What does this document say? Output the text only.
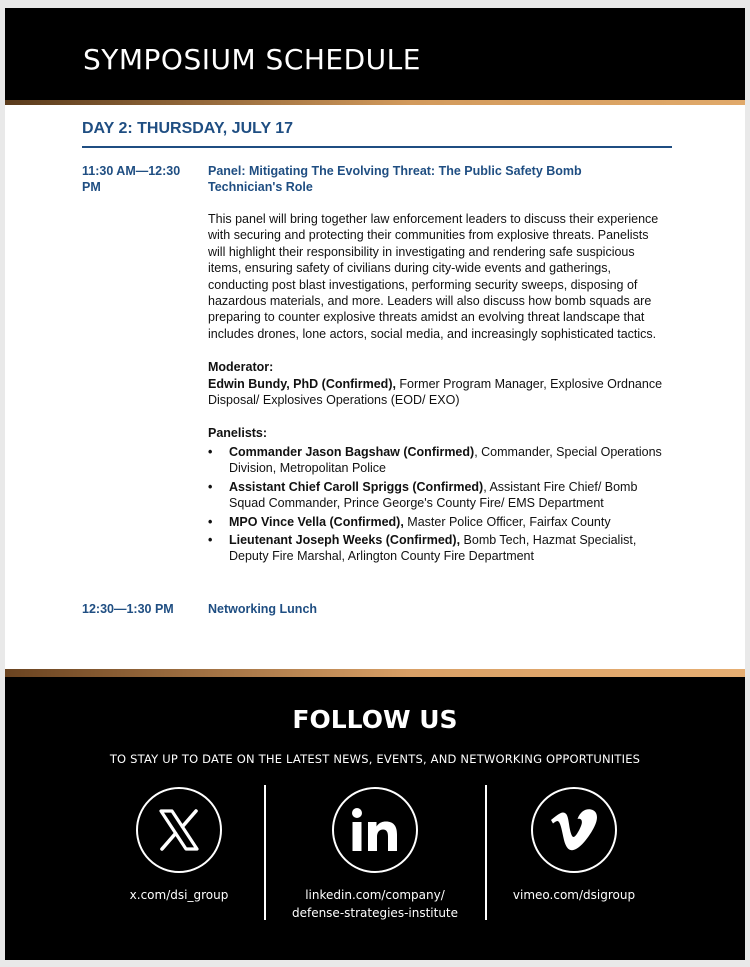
SYMPOSIUM SCHEDULE
DAY 2: THURSDAY, JULY 17
11:30 AM—12:30
PM
Panel: Mitigating The Evolving Threat: The Public Safety Bomb
Technician's Role

This panel will bring together law enforcement leaders to discuss their experience with securing and protecting their communities from explosive threats. Panelists will highlight their responsibility in investigating and rendering safe suspicious items, ensuring safety of civilians during city-wide events and gatherings, conducting post blast investigations, performing security sweeps, disposing of hazardous materials, and more. Leaders will also discuss how bomb squads are preparing to counter explosive threats amidst an evolving threat landscape that includes drones, lone actors, social media, and increasingly sophisticated tactics.

Moderator:
Edwin Bundy, PhD (Confirmed), Former Program Manager, Explosive Ordnance Disposal/ Explosives Operations (EOD/ EXO)
Panelists:
• Commander Jason Bagshaw (Confirmed), Commander, Special Operations Division, Metropolitan Police
• Assistant Chief Caroll Spriggs (Confirmed), Assistant Fire Chief/ Bomb Squad Commander, Prince George's County Fire/ EMS Department
• MPO Vince Vella (Confirmed), Master Police Officer, Fairfax County
• Lieutenant Joseph Weeks (Confirmed), Bomb Tech, Hazmat Specialist, Deputy Fire Marshal, Arlington County Fire Department
12:30—1:30 PM	Networking Lunch
FOLLOW US
TO STAY UP TO DATE ON THE LATEST NEWS, EVENTS, AND NETWORKING OPPORTUNITIES
x.com/dsi_group	linkedin.com/company/
defense-strategies-institute
vimeo.com/dsigroup
